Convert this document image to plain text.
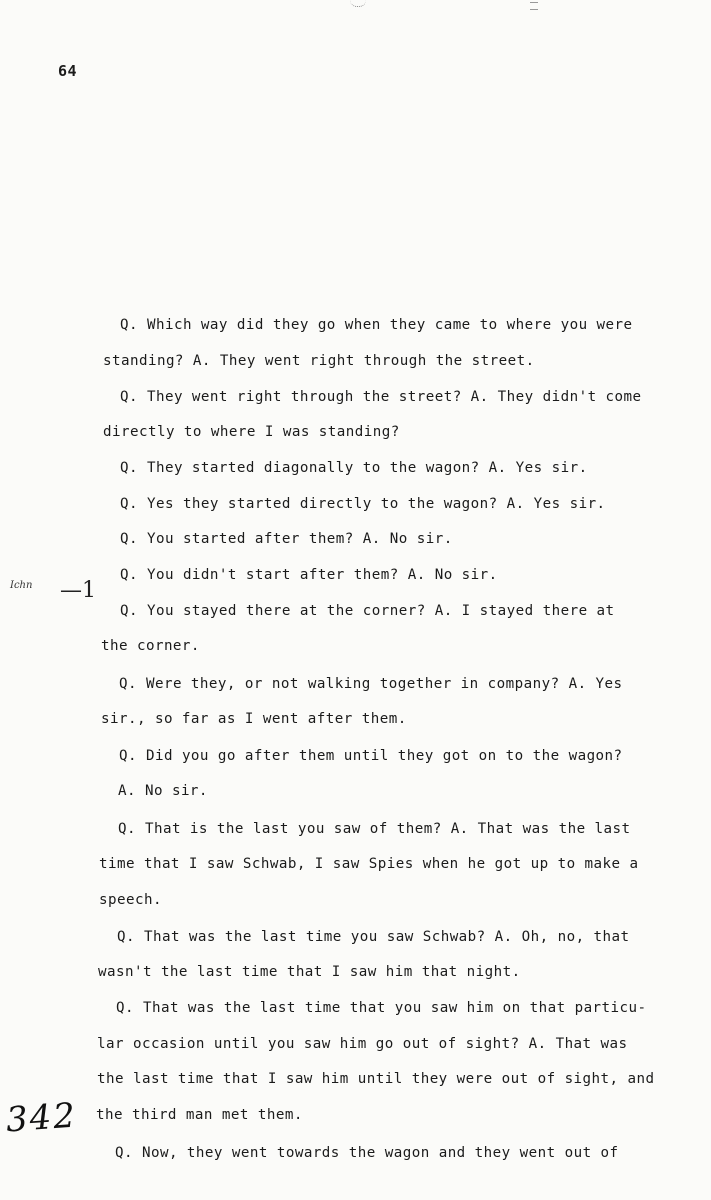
64
Ichn —1
342
Q. Which way did they go when they came to where you were
standing? A. They went right through the street.
Q. They went right through the street? A. They didn't come
directly to where I was standing?
Q. They started diagonally to the wagon? A. Yes sir.
Q. Yes they started directly to the wagon? A. Yes sir.
Q. You started after them? A. No sir.
Q. You didn't start after them? A. No sir.
Q. You stayed there at the corner? A. I stayed there at
the corner.
Q. Were they, or not walking together in company? A. Yes
sir., so far as I went after them.
Q. Did you go after them until they got on to the wagon?
A. No sir.
Q. That is the last you saw of them? A. That was the last
time that I saw Schwab, I saw Spies when he got up to make a
speech.
Q. That was the last time you saw Schwab? A. Oh, no, that
wasn't the last time that I saw him that night.
Q. That was the last time that you saw him on that particu-
lar occasion until you saw him go out of sight? A. That was
the last time that I saw him until they were out of sight, and
the third man met them.
Q. Now, they went towards the wagon and they went out of
